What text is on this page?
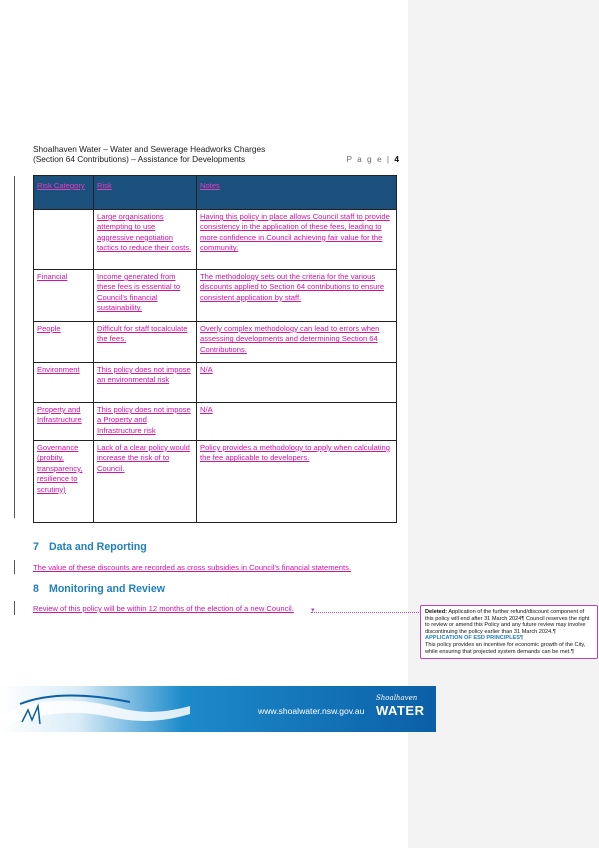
Shoalhaven Water – Water and Sewerage Headworks Charges
(Section 64 Contributions) – Assistance for Developments	P a g e | 4
Risk Category	Risk	Notes
	Large organisations attempting to use aggressive negotiation tactics to reduce their costs.	Having this policy in place allows Council staff to provide consistency in the application of these fees, leading to more confidence in Council achieving fair value for the community.
Financial	Income generated from these fees is essential to Council's financial sustainability.	The methodology sets out the criteria for the various discounts applied to Section 64 contributions to ensure consistent application by staff.
People	Difficult for staff tocalculate the fees.	Overly complex methodology can lead to errors when assessing developments and determining Section 64 Contributions.
Environment	This policy does not impose an environmental risk	N/A
Property and Infrastructure	This policy does not impose a Property and Infrastructure risk	N/A
Governance (probity, transparency, resilience to scrutiny)	Lack of a clear policy would increase the risk of to Council.	Policy provides a methodology to apply when calculating the fee applicable to developers.
7 Data and Reporting

The value of these discounts are recorded as cross subsidies in Council's financial statements.

8 Monitoring and Review

Review of this policy will be within 12 months of the election of a new Council. ▾	Deleted: Application of the further refund/discount component of this policy will end after 31 March 2024¶ Council reserves the right to review or amend this Policy and any future review may involve discontinuing the policy earlier than 31 March 2024.¶
APPLICATION OF ESD PRINCIPLES¶
This policy provides an incentive for economic growth of the City, while ensuring that projected system demands can be met.¶
www.shoalwater.nsw.gov.au
Shoalhaven
WATER
